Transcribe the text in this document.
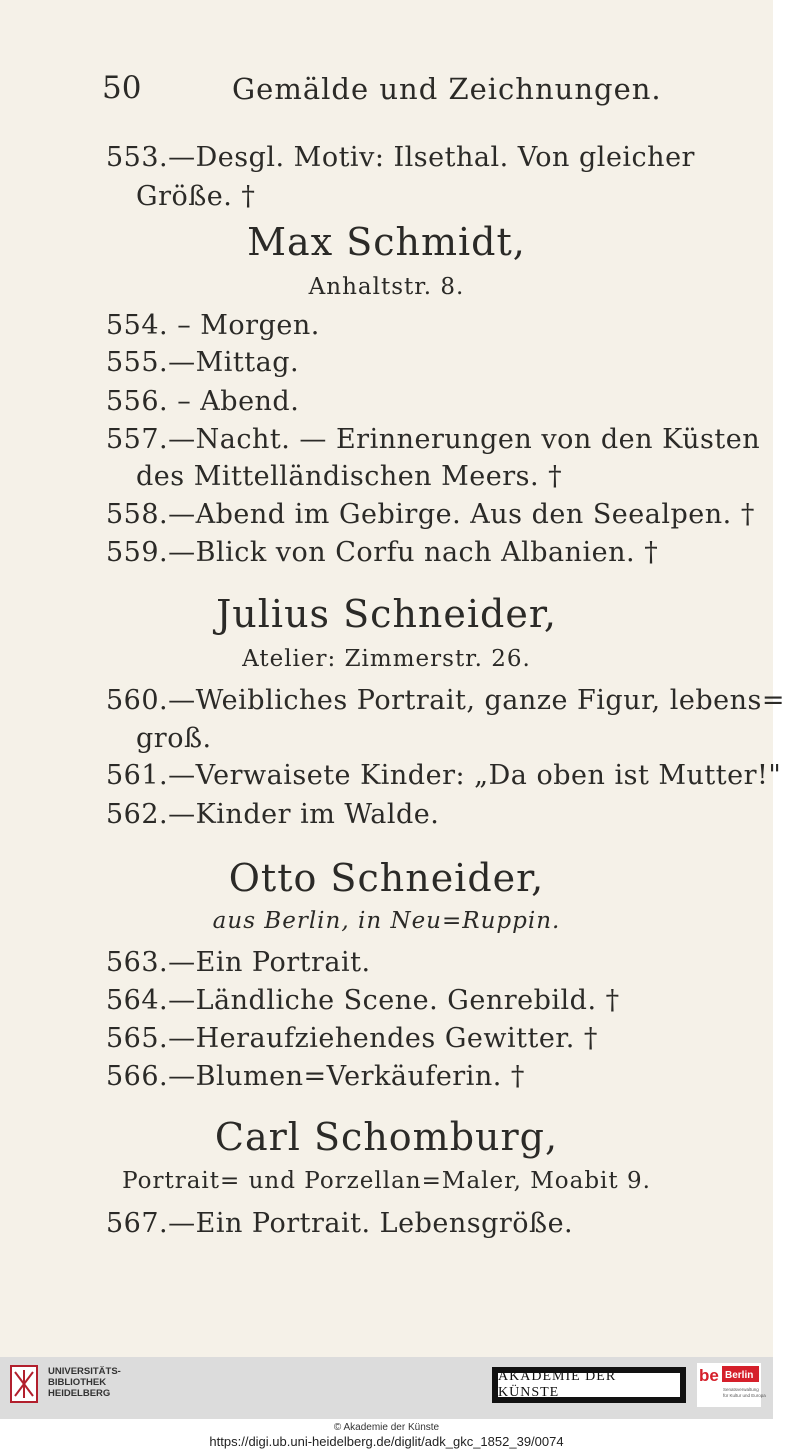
50	Gemälde und Zeichnungen.
553.—Desgl. Motiv: Ilsethal. Von gleicher
Größe. †
Max Schmidt,
Anhaltstr. 8.
554. – Morgen.
555.—Mittag.
556. – Abend.
557.—Nacht. — Erinnerungen von den Küsten
des Mittelländischen Meers. †
558.—Abend im Gebirge. Aus den Seealpen. †
559.—Blick von Corfu nach Albanien. †
Julius Schneider,
Atelier: Zimmerstr. 26.
560.—Weibliches Portrait, ganze Figur, lebens=
groß.
561.—Verwaisete Kinder: „Da oben ist Mutter!"
562.—Kinder im Walde.
Otto Schneider,
aus Berlin, in Neu=Ruppin.
563.—Ein Portrait.
564.—Ländliche Scene. Genrebild. †
565.—Heraufziehendes Gewitter. †
566.—Blumen=Verkäuferin. †
Carl Schomburg,
Portrait= und Porzellan=Maler, Moabit 9.
567.—Ein Portrait. Lebensgröße.
UNIVERSITÄTS-
BIBLIOTHEK
HEIDELBERG
AKADEMIE DER KÜNSTE
be Berlin
Senatsverwaltung
für Kultur und Europa
© Akademie der Künste
https://digi.ub.uni-heidelberg.de/diglit/adk_gkc_1852_39/0074
